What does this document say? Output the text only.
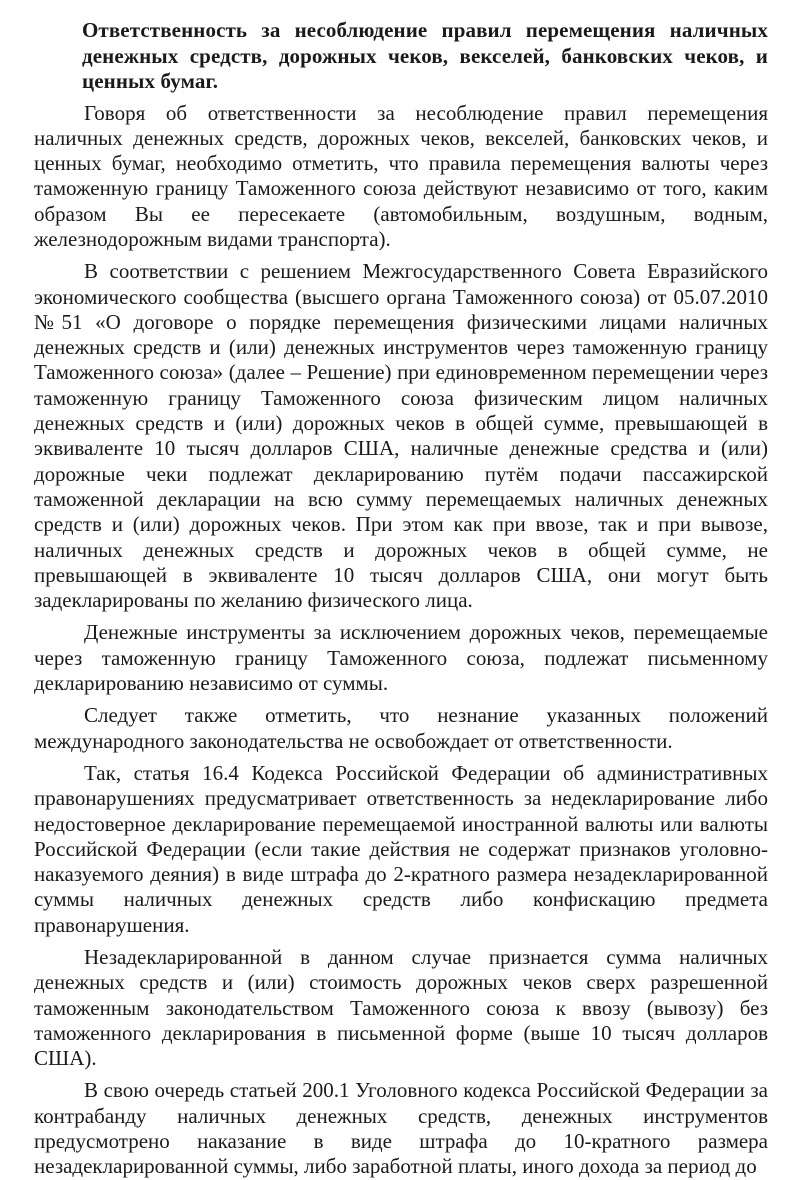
Ответственность за несоблюдение правил перемещения наличных денежных средств, дорожных чеков, векселей, банковских чеков, и ценных бумаг.

Говоря об ответственности за несоблюдение правил перемещения наличных денежных средств, дорожных чеков, векселей, банковских чеков, и ценных бумаг, необходимо отметить, что правила перемещения валюты через таможенную границу Таможенного союза действуют независимо от того, каким образом Вы ее пересекаете (автомобильным, воздушным, водным, железнодорожным видами транспорта).

В соответствии с решением Межгосударственного Совета Евразийского экономического сообщества (высшего органа Таможенного союза) от 05.07.2010 №51 «О договоре о порядке перемещения физическими лицами наличных денежных средств и (или) денежных инструментов через таможенную границу Таможенного союза» (далее – Решение) при единовременном перемещении через таможенную границу Таможенного союза физическим лицом наличных денежных средств и (или) дорожных чеков в общей сумме, превышающей в эквиваленте 10 тысяч долларов США, наличные денежные средства и (или) дорожные чеки подлежат декларированию путём подачи пассажирской таможенной декларации на всю сумму перемещаемых наличных денежных средств и (или) дорожных чеков. При этом как при ввозе, так и при вывозе, наличных денежных средств и дорожных чеков в общей сумме, не превышающей в эквиваленте 10 тысяч долларов США, они могут быть задекларированы по желанию физического лица.

Денежные инструменты за исключением дорожных чеков, перемещаемые через таможенную границу Таможенного союза, подлежат письменному декларированию независимо от суммы.

Следует также отметить, что незнание указанных положений международного законодательства не освобождает от ответственности.

Так, статья 16.4 Кодекса Российской Федерации об административных правонарушениях предусматривает ответственность за недекларирование либо недостоверное декларирование перемещаемой иностранной валюты или валюты Российской Федерации (если такие действия не содержат признаков уголовно-наказуемого деяния) в виде штрафа до 2-кратного размера незадекларированной суммы наличных денежных средств либо конфискацию предмета правонарушения.

Незадекларированной в данном случае признается сумма наличных денежных средств и (или) стоимость дорожных чеков сверх разрешенной таможенным законодательством Таможенного союза к ввозу (вывозу) без таможенного декларирования в письменной форме (выше 10 тысяч долларов США).

В свою очередь статьей 200.1 Уголовного кодекса Российской Федерации за контрабанду наличных денежных средств, денежных инструментов предусмотрено наказание в виде штрафа до 10-кратного размера незадекларированной суммы, либо заработной платы, иного дохода за период до
